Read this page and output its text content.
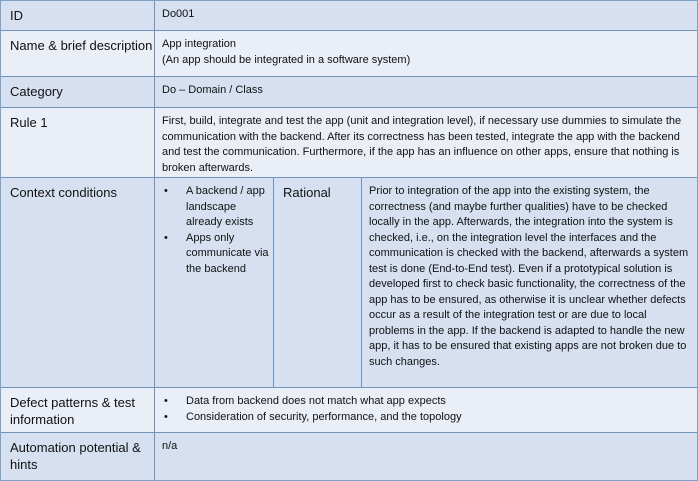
ID	Do001
Name & brief description App integration

(An app should be integrated in a software system)

Category	Do – Domain / Class
Rule 1	First, build, integrate and test the app (unit and integration level), if necessary use dummies to simulate the communication with the backend. After its correctness has been tested, integrate the app with the backend and test the communication. Furthermore, if the app has an influence on other apps, ensure that nothing is broken afterwards.
Context conditions
•	A backend / app landscape already exists
• Apps only communicate via the backend
Rational	Prior to integration of the app into the existing system, the correctness (and maybe further qualities) have to be checked locally in the app. Afterwards, the integration into the system is checked, i.e., on the integration level the interfaces and the communication is checked with the backend, afterwards a system test is done (End-to-End test). Even if a prototypical solution is developed first to check basic functionality, the correctness of the app has to be ensured, as otherwise it is unclear whether defects occur as a result of the integration test or are due to local problems in the app. If the backend is adapted to handle the new app, it has to be ensured that existing apps are not broken due to such changes.
Defect patterns & test information
• Data from backend does not match what app expects
• Consideration of security, performance, and the topology
Automation potential & hints
n/a
